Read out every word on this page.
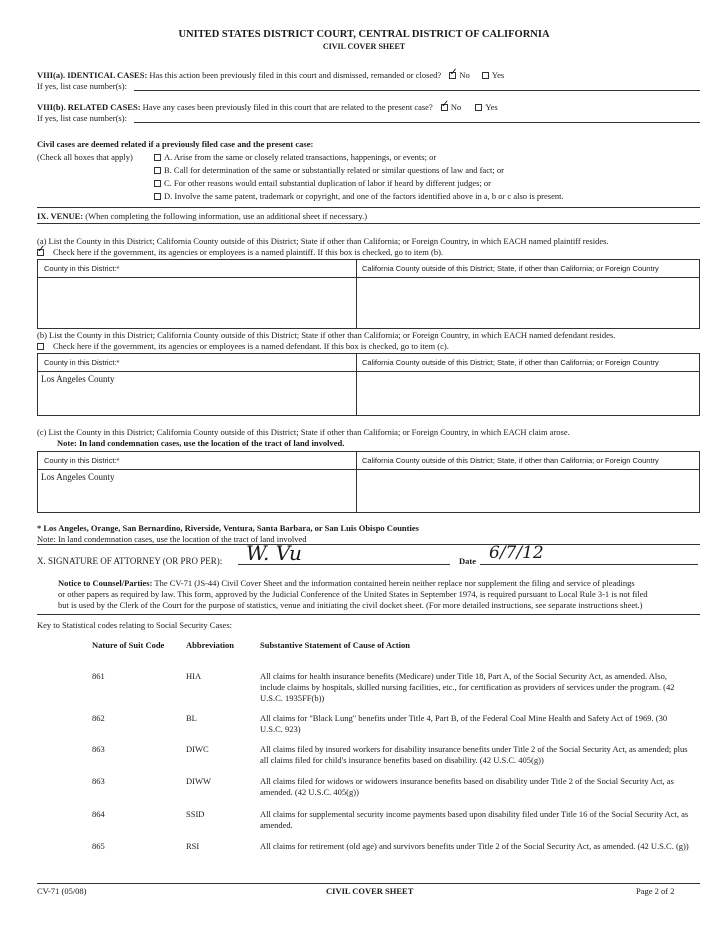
UNITED STATES DISTRICT COURT, CENTRAL DISTRICT OF CALIFORNIA
CIVIL COVER SHEET
VIII(a). IDENTICAL CASES: Has this action been previously filed in this court and dismissed, remanded or closed? ✓ No	Yes
If yes, list case number(s):
VIII(b). RELATED CASES: Have any cases been previously filed in this court that are related to the present case? ✓ No	Yes
If yes, list case number(s):
Civil cases are deemed related if a previously filed case and the present case:
(Check all boxes that apply)	A. Arise from the same or closely related transactions, happenings, or events; or
B. Call for determination of the same or substantially related or similar questions of law and fact; or
C. For other reasons would entail substantial duplication of labor if heard by different judges; or
D. Involve the same patent, trademark or copyright, and one of the factors identified above in a, b or c also is present.
IX. VENUE: (When completing the following information, use an additional sheet if necessary.)
(a) List the County in this District; California County outside of this District; State if other than California; or Foreign Country, in which EACH named plaintiff resides.
✓Check here if the government, its agencies or employees is a named plaintiff. If this box is checked, go to item (b).
County in this District:*	California County outside of this District; State, if other than California; or Foreign Country
(b) List the County in this District; California County outside of this District; State if other than California; or Foreign Country, in which EACH named defendant resides.
Check here if the government, its agencies or employees is a named defendant. If this box is checked, go to item (c).
County in this District:*	California County outside of this District; State, if other than California; or Foreign Country
Los Angeles County
(c) List the County in this District; California County outside of this District; State if other than California; or Foreign Country, in which EACH claim arose.
Note: In land condemnation cases, use the location of the tract of land involved.
County in this District:*	California County outside of this District; State, if other than California; or Foreign Country
Los Angeles County
* Los Angeles, Orange, San Bernardino, Riverside, Ventura, Santa Barbara, or San Luis Obispo Counties
Note: In land condemnation cases, use the location of the tract of land involved
X. SIGNATURE OF ATTORNEY (OR PRO PER): W. Vu	Date 6/7/12
Notice to Counsel/Parties: The CV-71 (JS-44) Civil Cover Sheet and the information contained herein neither replace nor supplement the filing and service of pleadings
or other papers as required by law. This form, approved by the Judicial Conference of the United States in September 1974, is required pursuant to Local Rule 3-1 is not filed
but is used by the Clerk of the Court for the purpose of statistics, venue and initiating the civil docket sheet. (For more detailed instructions, see separate instructions sheet.)
Key to Statistical codes relating to Social Security Cases:
Nature of Suit Code	Abbreviation	Substantive Statement of Cause of Action
861	HIA	All claims for health insurance benefits (Medicare) under Title 18, Part A, of the Social Security Act, as amended. Also, include claims by hospitals, skilled nursing facilities, etc., for certification as providers of services under the program. (42 U.S.C. 1935FF(b))
862	BL	All claims for "Black Lung" benefits under Title 4, Part B, of the Federal Coal Mine Health and Safety Act of 1969. (30 U.S.C. 923)
863	DIWC	All claims filed by insured workers for disability insurance benefits under Title 2 of the Social Security Act, as amended; plus all claims filed for child's insurance benefits based on disability. (42 U.S.C. 405(g))
863	DIWW	All claims filed for widows or widowers insurance benefits based on disability under Title 2 of the Social Security Act, as amended. (42 U.S.C. 405(g))
864	SSID	All claims for supplemental security income payments based upon disability filed under Title 16 of the Social Security Act, as amended.
865	RSI	All claims for retirement (old age) and survivors benefits under Title 2 of the Social Security Act, as amended. (42 U.S.C. (g))
CV-71 (05/08)	CIVIL COVER SHEET	Page 2 of 2
